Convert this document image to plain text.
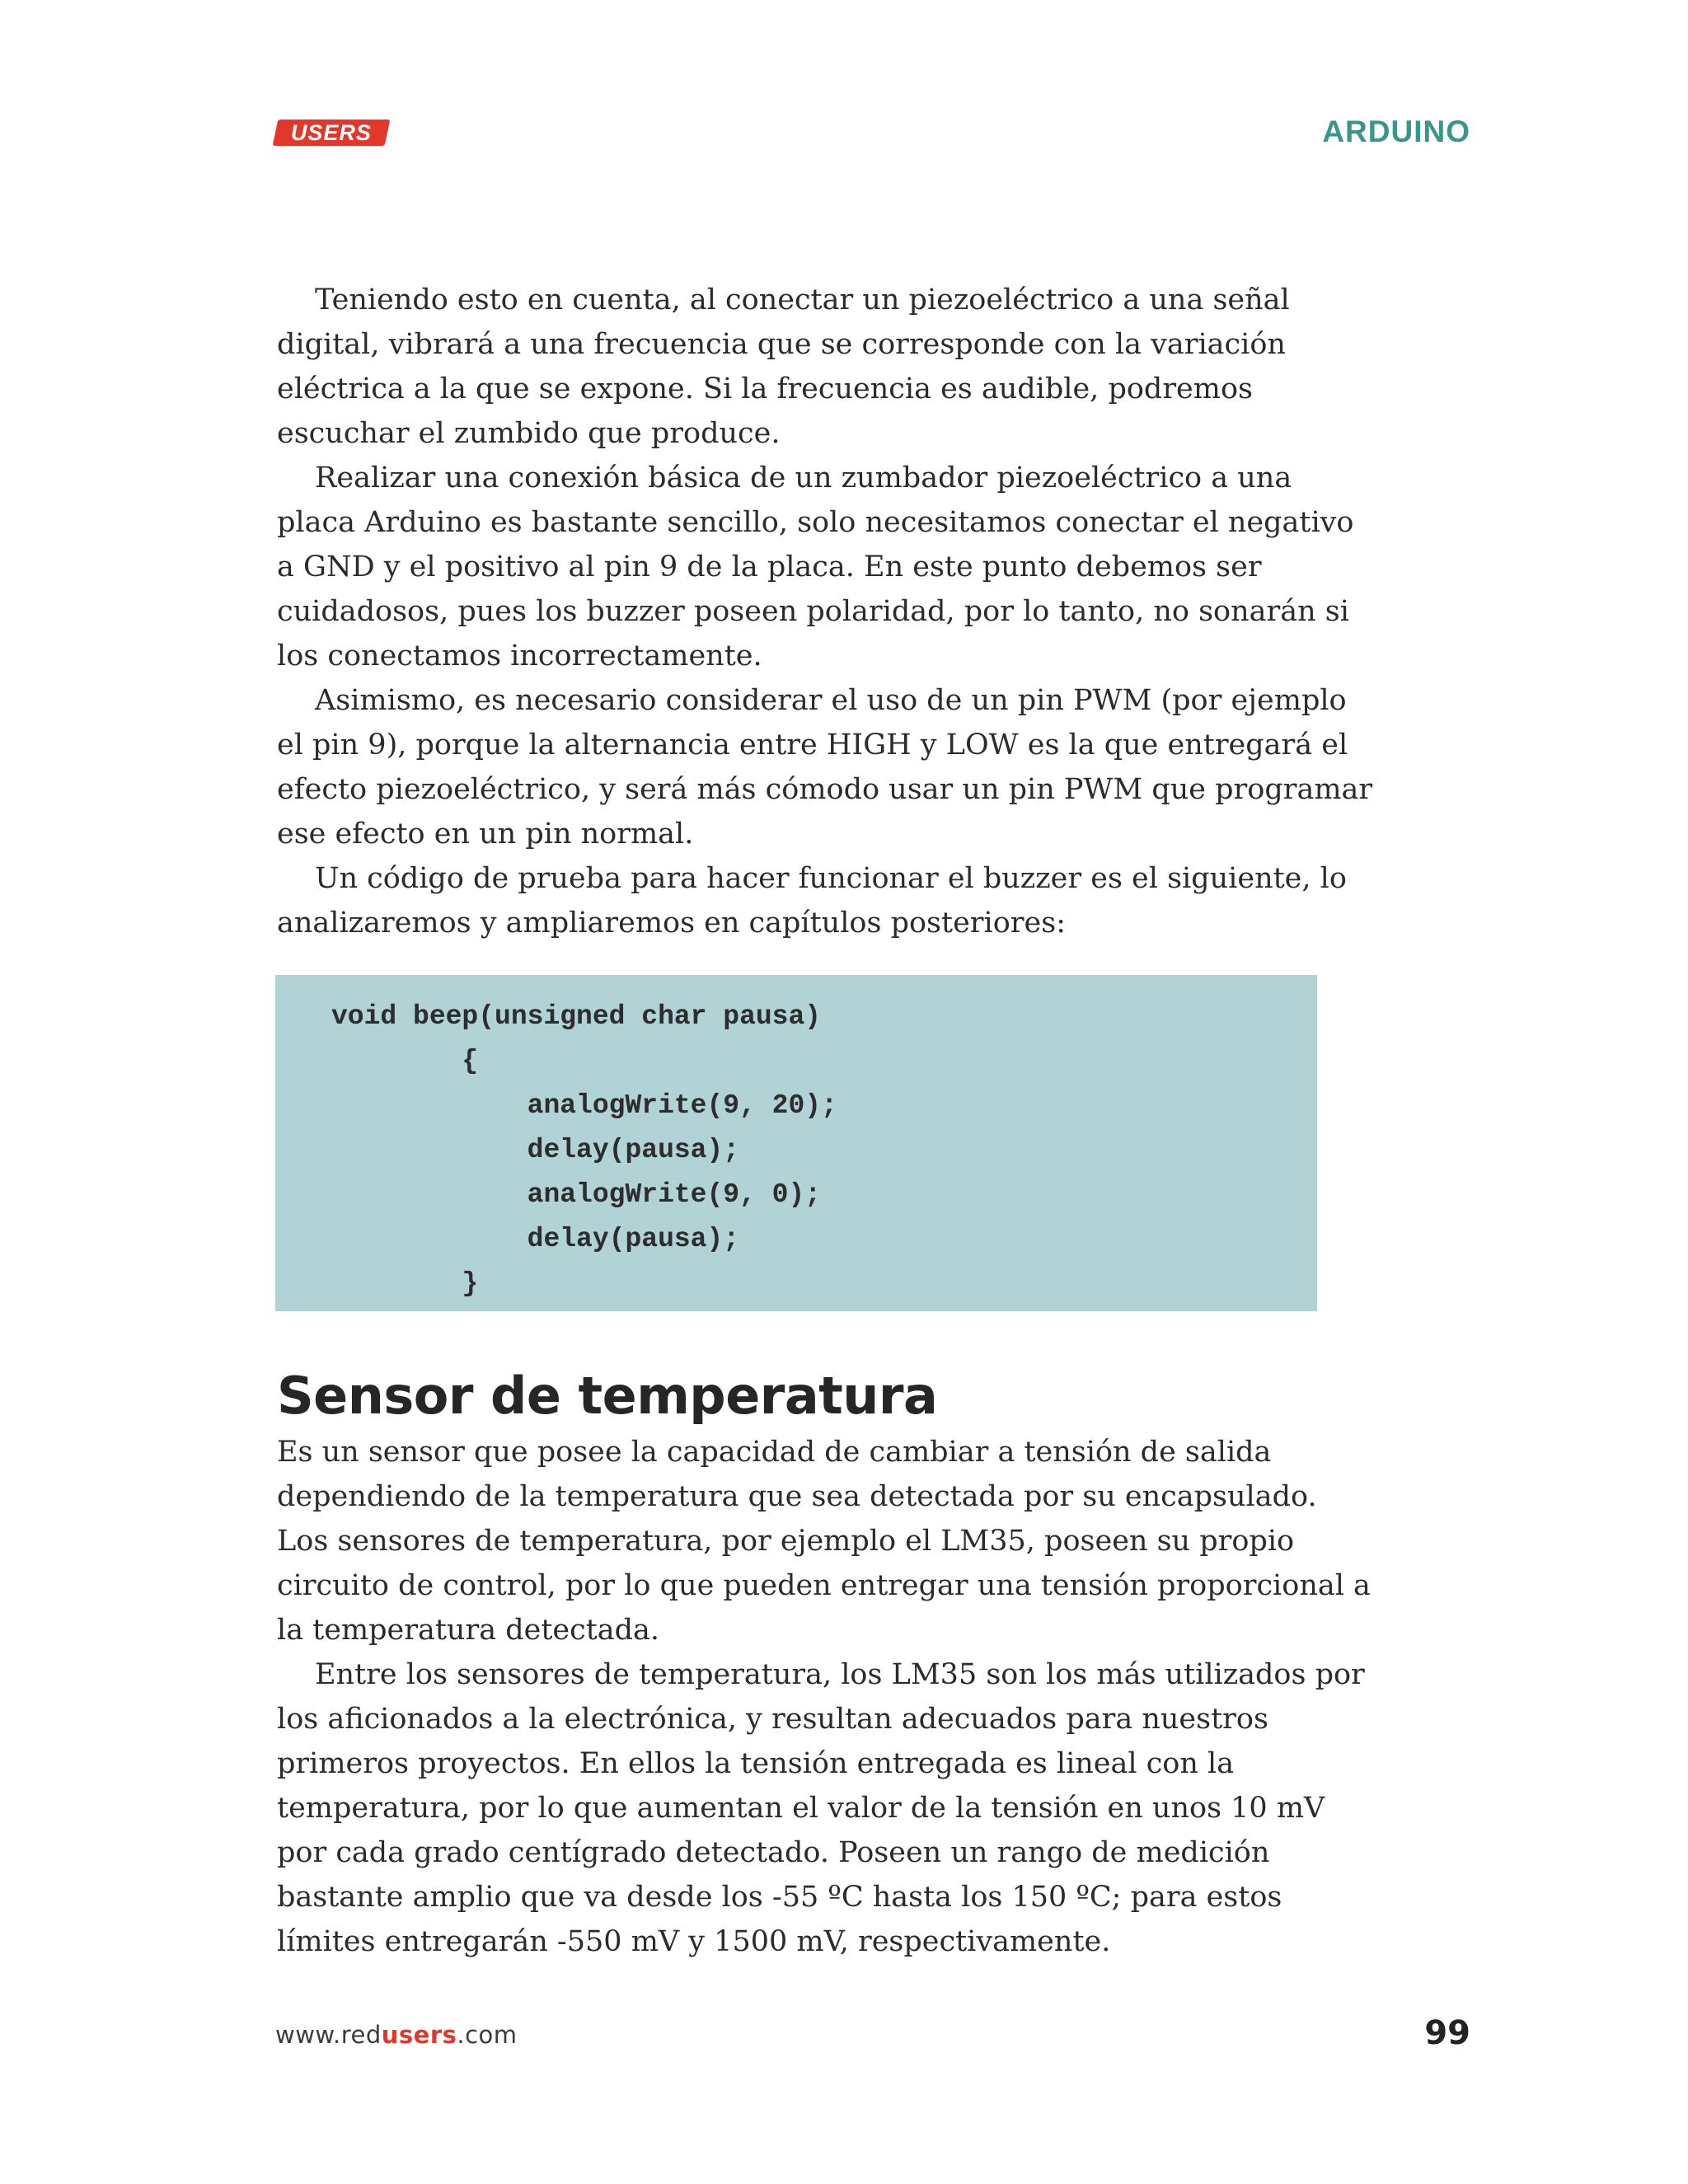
USERS	ARDUINO

Teniendo esto en cuenta, al conectar un piezoeléctrico a una señal digital, vibrará a una frecuencia que se corresponde con la variación eléctrica a la que se expone. Si la frecuencia es audible, podremos escuchar el zumbido que produce.

Realizar una conexión básica de un zumbador piezoeléctrico a una placa Arduino es bastante sencillo, solo necesitamos conectar el negativo a GND y el positivo al pin 9 de la placa. En este punto debemos ser cuidadosos, pues los buzzer poseen polaridad, por lo tanto, no sonarán si los conectamos incorrectamente.

Asimismo, es necesario considerar el uso de un pin PWM (por ejemplo el pin 9), porque la alternancia entre HIGH y LOW es la que entregará el efecto piezoeléctrico, y será más cómodo usar un pin PWM que programar ese efecto en un pin normal.

Un código de prueba para hacer funcionar el buzzer es el siguiente, lo analizaremos y ampliaremos en capítulos posteriores:

void beep(unsigned char pausa)
{
analogWrite(9, 20);
delay(pausa);
analogWrite(9, 0);
delay(pausa);
}
Sensor de temperatura

Es un sensor que posee la capacidad de cambiar a tensión de salida dependiendo de la temperatura que sea detectada por su encapsulado. Los sensores de temperatura, por ejemplo el LM35, poseen su propio circuito de control, por lo que pueden entregar una tensión proporcional a la temperatura detectada.

Entre los sensores de temperatura, los LM35 son los más utilizados por los aficionados a la electrónica, y resultan adecuados para nuestros primeros proyectos. En ellos la tensión entregada es lineal con la temperatura, por lo que aumentan el valor de la tensión en unos 10 mV por cada grado centígrado detectado. Poseen un rango de medición bastante amplio que va desde los -55 ºC hasta los 150 ºC; para estos límites entregarán -550 mV y 1500 mV, respectivamente.

www.redusers.com	99
